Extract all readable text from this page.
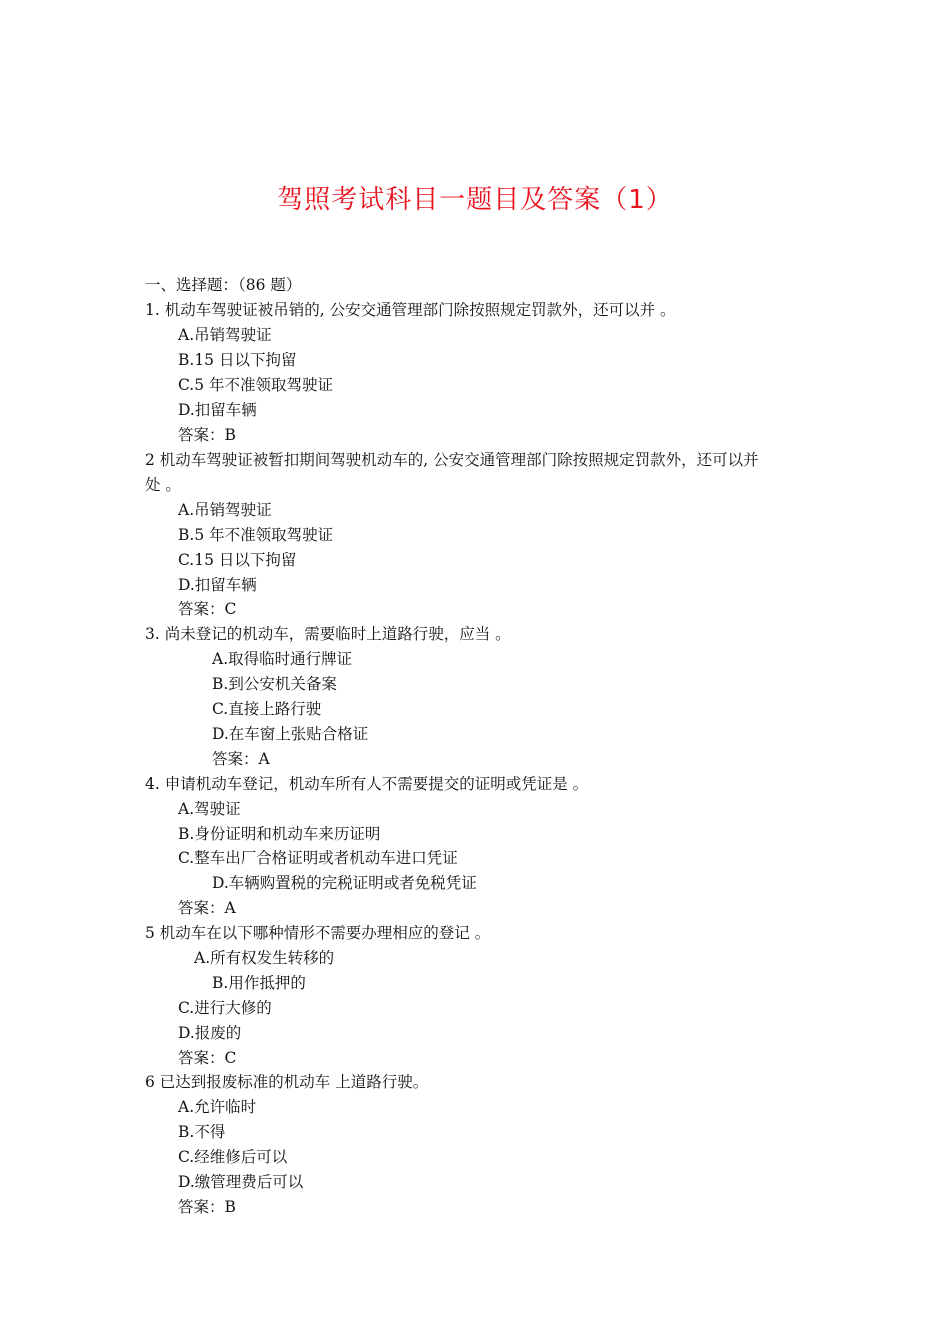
驾照考试科目一题目及答案（1）
一、选择题：（86 题）
1. 机动车驾驶证被吊销的, 公安交通管理部门除按照规定罚款外，还可以并 。
A.吊销驾驶证
B.15 日以下拘留
C.5 年不准领取驾驶证
D.扣留车辆
答案：B
2 机动车驾驶证被暂扣期间驾驶机动车的, 公安交通管理部门除按照规定罚款外，还可以并
处 。
A.吊销驾驶证
B.5 年不准领取驾驶证
C.15 日以下拘留
D.扣留车辆
答案：C
3. 尚未登记的机动车，需要临时上道路行驶，应当 。
A.取得临时通行牌证
B.到公安机关备案
C.直接上路行驶
D.在车窗上张贴合格证
答案：A
4. 申请机动车登记，机动车所有人不需要提交的证明或凭证是 。
A.驾驶证
B.身份证明和机动车来历证明
C.整车出厂合格证明或者机动车进口凭证
D.车辆购置税的完税证明或者免税凭证
答案：A
5 机动车在以下哪种情形不需要办理相应的登记 。
A.所有权发生转移的
B.用作抵押的
C.进行大修的
D.报废的
答案：C
6 已达到报废标准的机动车 上道路行驶。
A.允许临时
B.不得
C.经维修后可以
D.缴管理费后可以
答案：B
